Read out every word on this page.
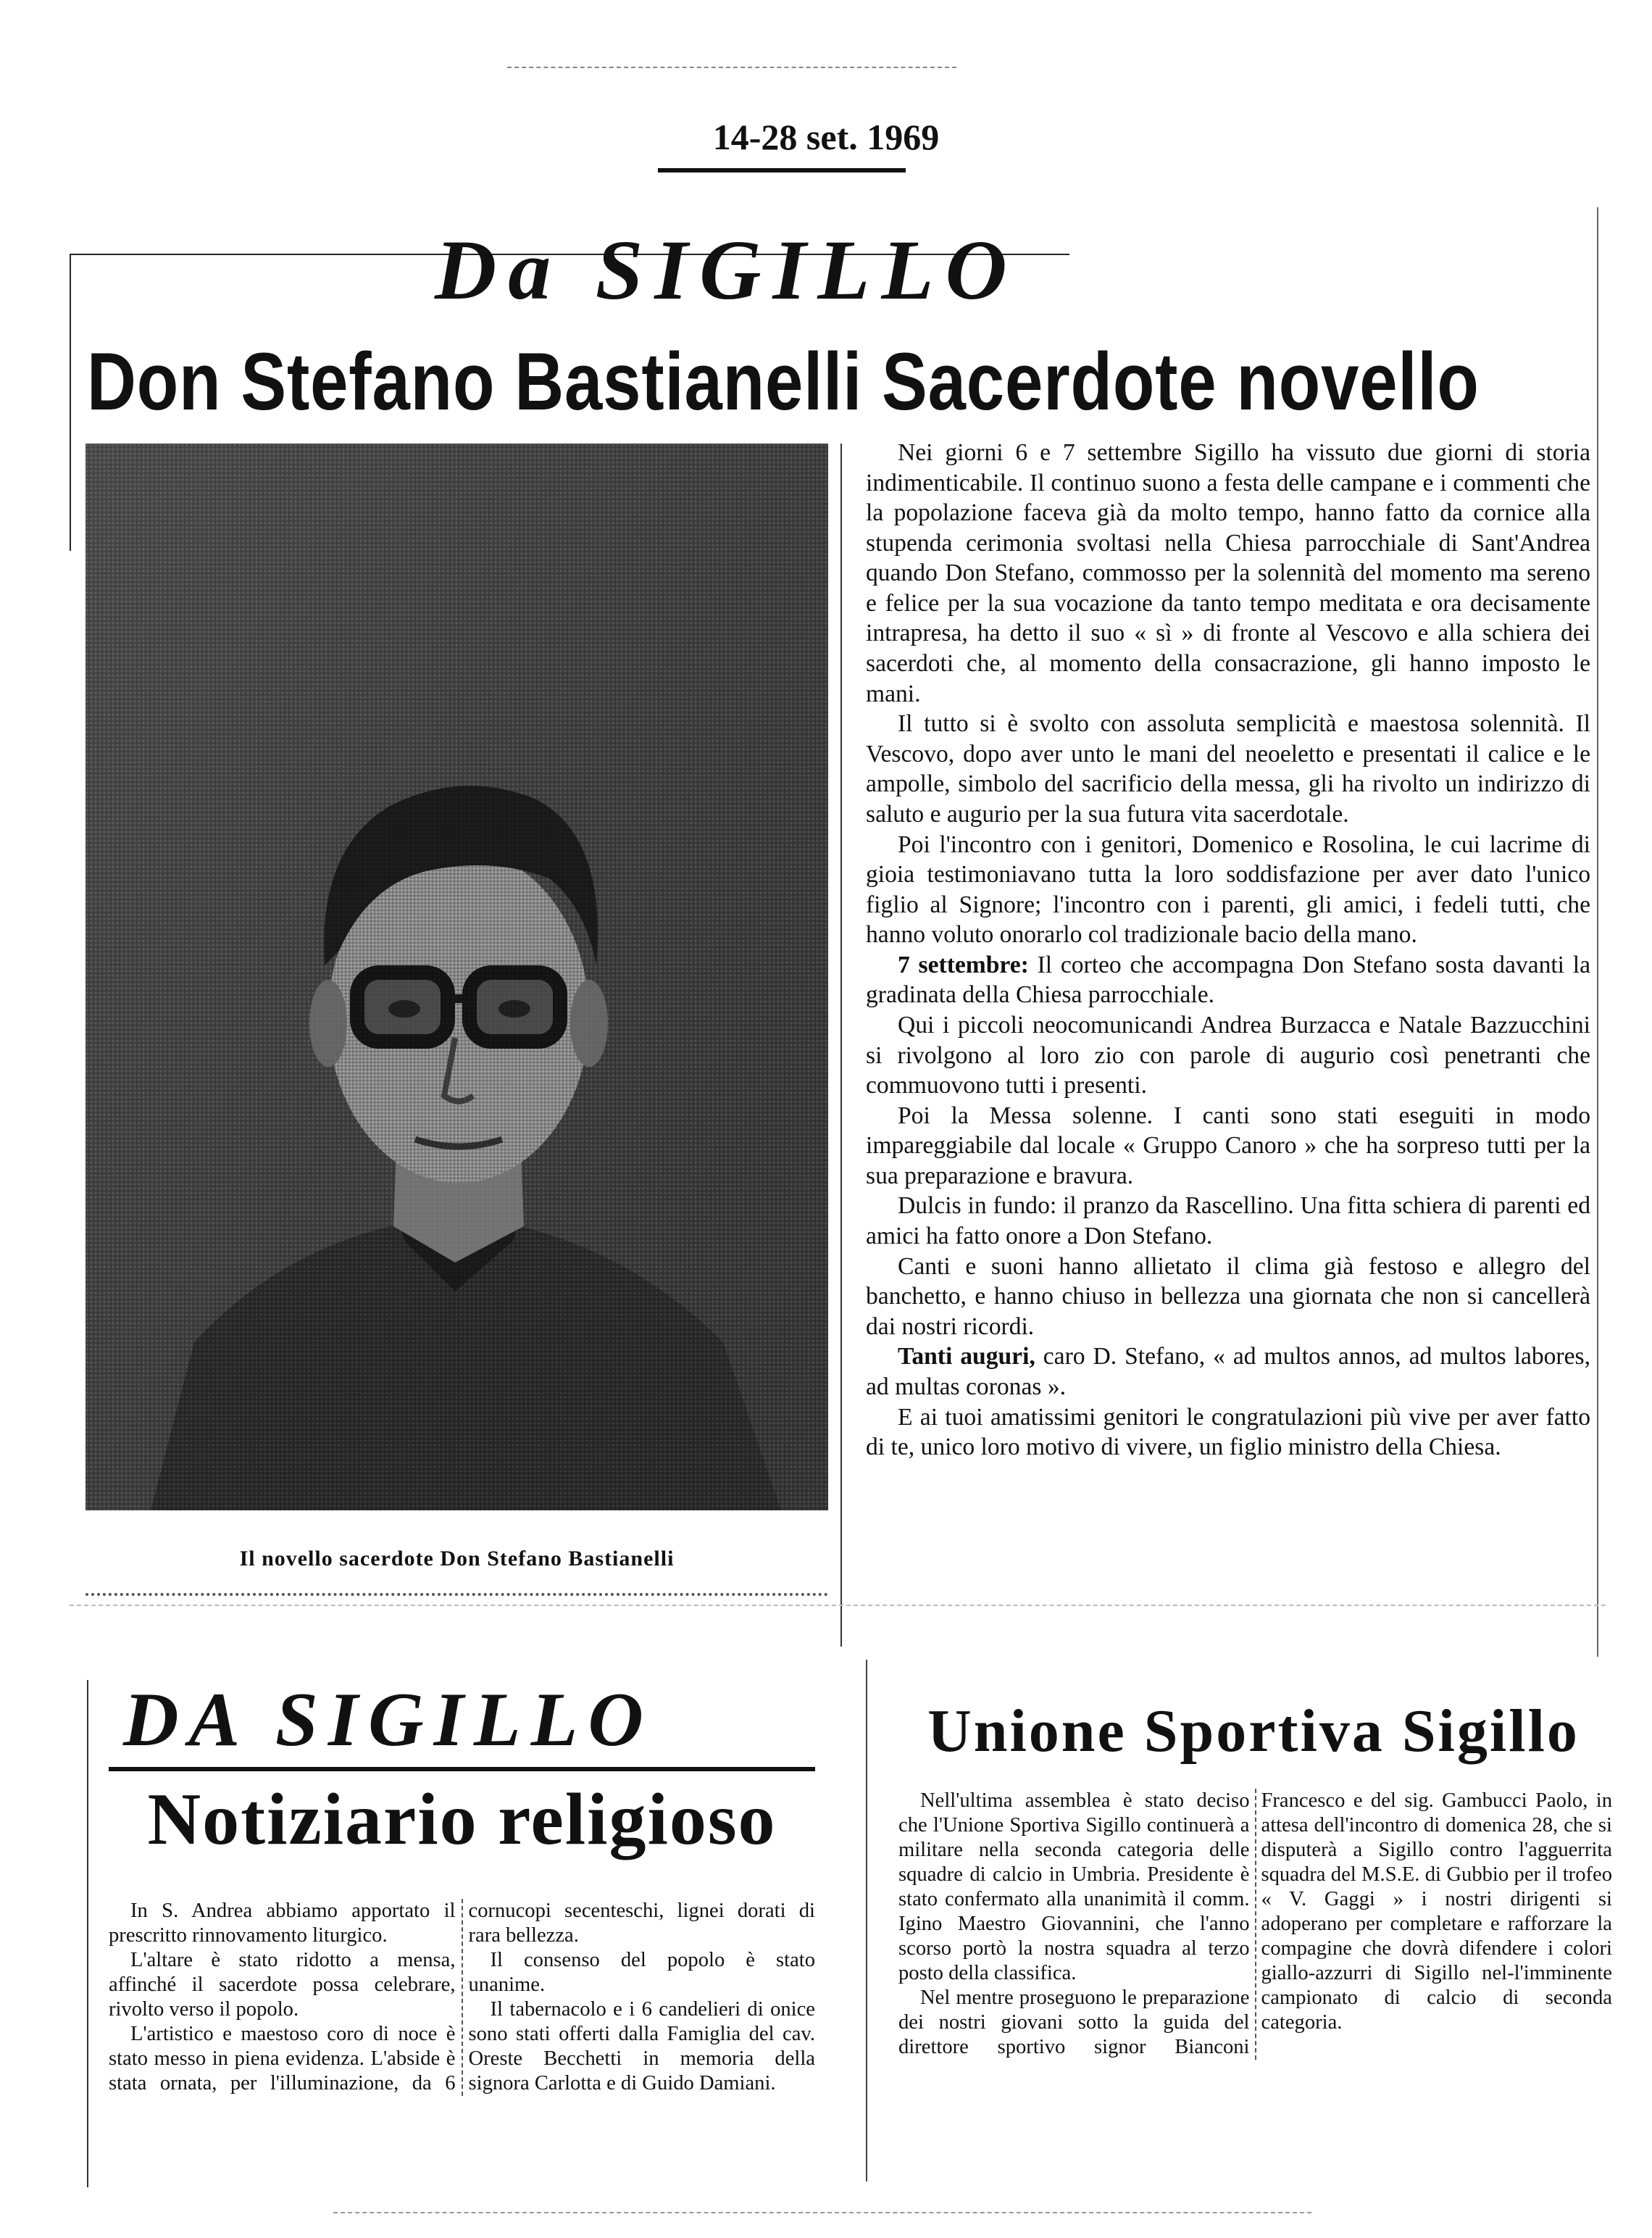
14-28 set. 1969
Da SIGILLO
Don Stefano Bastianelli Sacerdote novello
Il novello sacerdote Don Stefano Bastianelli

Nei giorni 6 e 7 settembre Sigillo ha vissuto due giorni di storia indimenticabile. Il continuo suono a festa delle campane e i commenti che la popolazione faceva già da molto tempo, hanno fatto da cornice alla stupenda cerimonia svoltasi nella Chiesa parrocchiale di Sant'Andrea quando Don Stefano, commosso per la solennità del momento ma sereno e felice per la sua vocazione da tanto tempo meditata e ora decisamente intrapresa, ha detto il suo « sì » di fronte al Vescovo e alla schiera dei sacerdoti che, al momento della consacrazione, gli hanno imposto le mani.

Il tutto si è svolto con assoluta semplicità e maestosa solennità. Il Vescovo, dopo aver unto le mani del neoeletto e presentati il calice e le ampolle, simbolo del sacrificio della messa, gli ha rivolto un indirizzo di saluto e augurio per la sua futura vita sacerdotale.

Poi l'incontro con i genitori, Domenico e Rosolina, le cui lacrime di gioia testimoniavano tutta la loro soddisfazione per aver dato l'unico figlio al Signore; l'incontro con i parenti, gli amici, i fedeli tutti, che hanno voluto onorarlo col tradizionale bacio della mano.

7 settembre: Il corteo che accompagna Don Stefano sosta davanti la gradinata della Chiesa parrocchiale.

Qui i piccoli neocomunicandi Andrea Burzacca e Natale Bazzucchini si rivolgono al loro zio con parole di augurio così penetranti che commuovono tutti i presenti.

Poi la Messa solenne. I canti sono stati eseguiti in modo impareggiabile dal locale « Gruppo Canoro » che ha sorpreso tutti per la sua preparazione e bravura.

Dulcis in fundo: il pranzo da Rascellino. Una fitta schiera di parenti ed amici ha fatto onore a Don Stefano.

Canti e suoni hanno allietato il clima già festoso e allegro del banchetto, e hanno chiuso in bellezza una giornata che non si cancellerà dai nostri ricordi.

Tanti auguri, caro D. Stefano, « ad multos annos, ad multos labores, ad multas coronas ».

E ai tuoi amatissimi genitori le congratulazioni più vive per aver fatto di te, unico loro motivo di vivere, un figlio ministro della Chiesa.

DA SIGILLO
Notiziario religioso

In S. Andrea abbiamo apportato il prescritto rinnovamento liturgico.

L'altare è stato ridotto a mensa, affinché il sacerdote possa celebrare, rivolto verso il popolo.

L'artistico e maestoso coro di noce è stato messo in piena evidenza. L'abside è stata ornata, per l'illuminazione, da 6 cornucopi secenteschi, lignei dorati di rara bellezza.

Il consenso del popolo è stato unanime.

Il tabernacolo e i 6 candelieri di onice sono stati offerti dalla Famiglia del cav. Oreste Becchetti in memoria della signora Carlotta e di Guido Damiani.

Unione Sportiva Sigillo

Nell'ultima assemblea è stato deciso che l'Unione Sportiva Sigillo continuerà a militare nella seconda categoria delle squadre di calcio in Umbria. Presidente è stato confermato alla unanimità il comm. Igino Maestro Giovannini, che l'anno scorso portò la nostra squadra al terzo posto della classifica.

Nel mentre proseguono le preparazione dei nostri giovani sotto la guida del direttore sportivo signor Bianconi Francesco e del sig. Gambucci Paolo, in attesa dell'incontro di domenica 28, che si disputerà a Sigillo contro l'agguerrita squadra del M.S.E. di Gubbio per il trofeo « V. Gaggi » i nostri dirigenti si adoperano per completare e rafforzare la compagine che dovrà difendere i colori giallo-azzurri di Sigillo nel-l'imminente campionato di calcio di seconda categoria.
